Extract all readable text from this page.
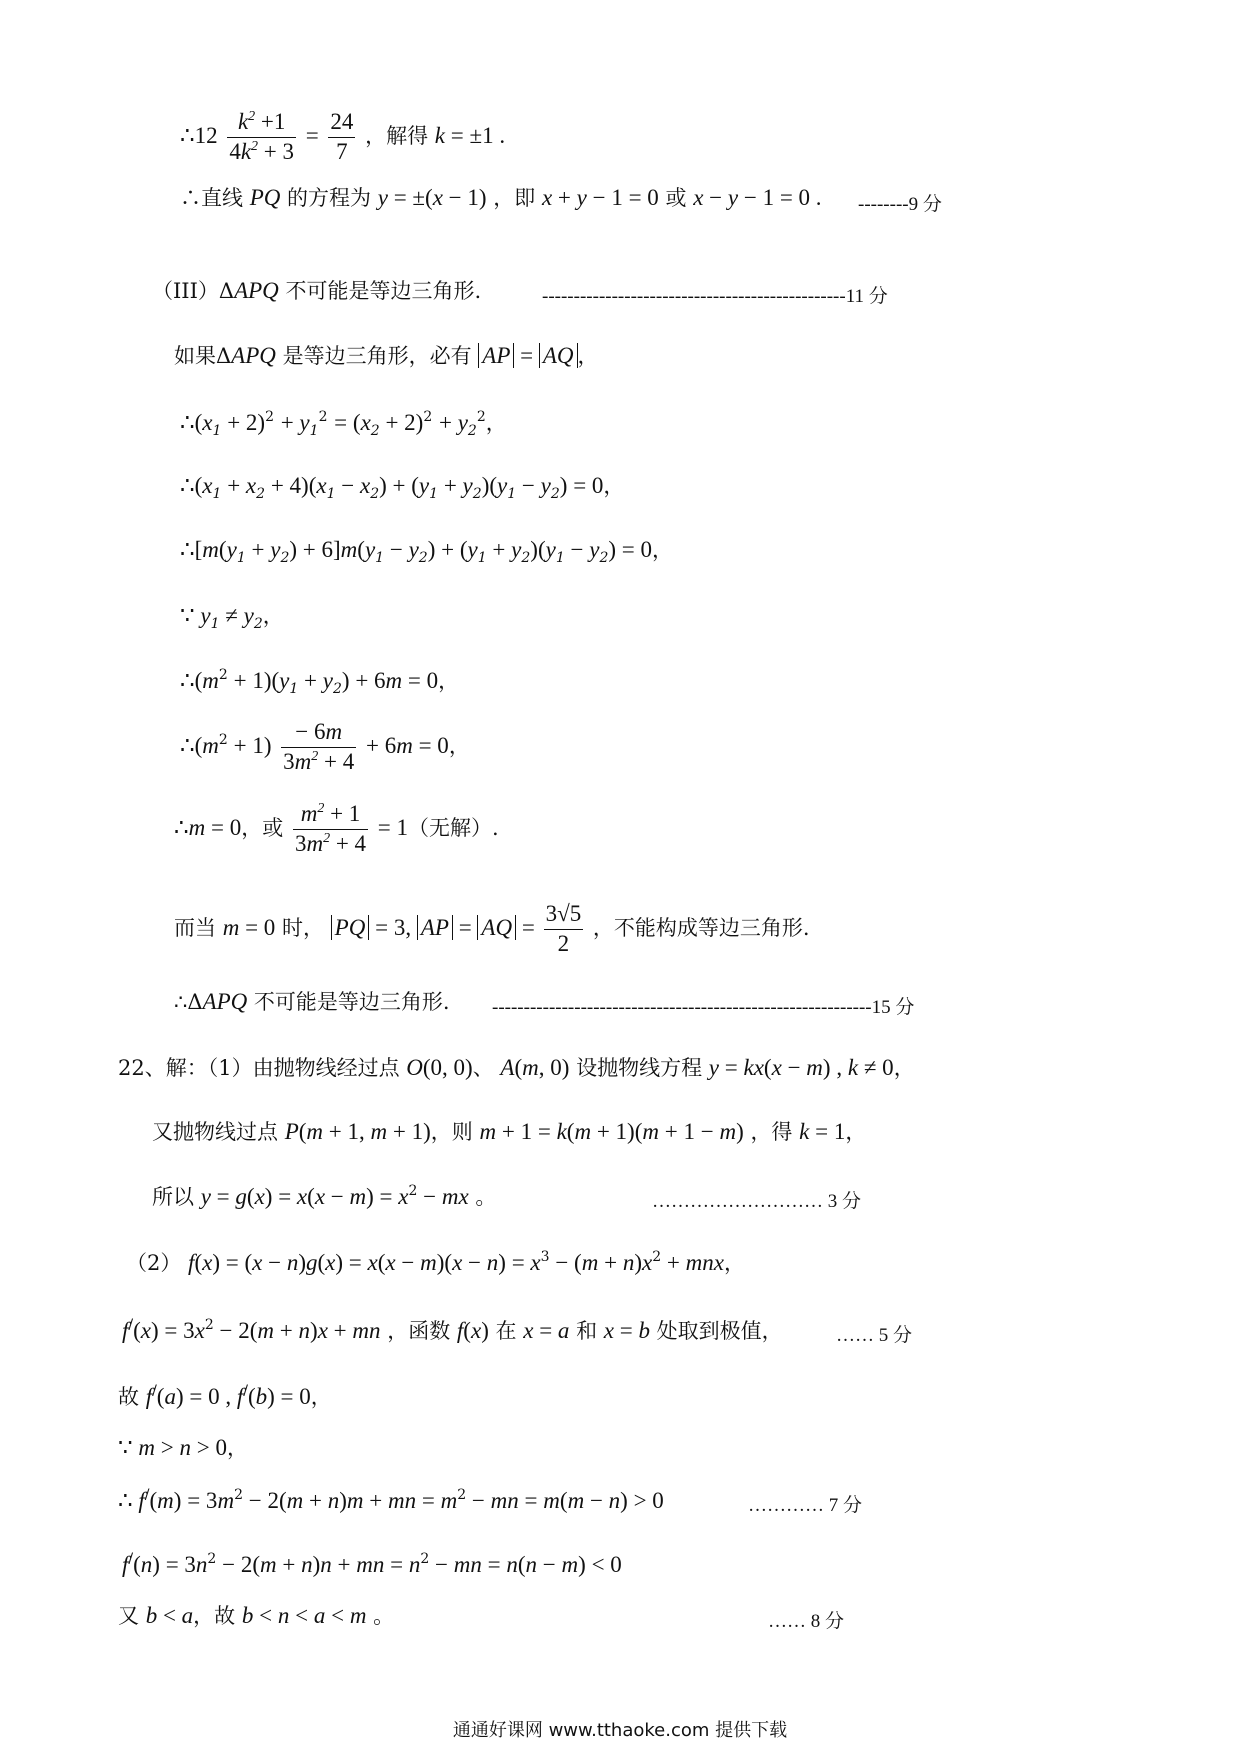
∴12 $\frac{k^2 +1}{4k^2 + 3} = \frac{24}{7}$ ，解得 k = ±1 .
∴直线 PQ 的方程为 y = ±(x − 1) ，即 x + y − 1 = 0 或 x − y − 1 = 0 . --------9 分
（III）ΔAPQ 不可能是等边三角形.	------------------------------------------------11 分
如果ΔAPQ 是等边三角形，必有 AP = AQ ，
$\therefore(x_1 + 2)^2 + y_1^2 = (x_2 + 2)^2 + y_2^2$，
$\therefore(x_1 + x_2 + 4)(x_1 - x_2) + (y_1 + y_2)(y_1 - y_2) = 0$，
$\therefore[m(y_1 + y_2) + 6]m(y_1 - y_2) + (y_1 + y_2)(y_1 - y_2) = 0$，
∵ $y_1 \ne y_2$，
$\therefore(m^2 + 1)(y_1 + y_2) + 6m = 0$，
$\therefore(m^2 + 1) \frac{- 6m}{3m^2 + 4} + 6m = 0$，
∴m = 0，或 $\frac{m^2 + 1}{3m^2 + 4} = 1$（无解）.
而当 m = 0 时， PQ = 3, AP = AQ = $\frac{3√5}{2}$ ，不能构成等边三角形.
∴ΔAPQ 不可能是等边三角形. ------------------------------------------------------------15 分
22、解：（1）由抛物线经过点 O(0, 0)、 A(m, 0) 设抛物线方程 y = kx(x − m) , k ≠ 0，
又抛物线过点 P(m + 1, m + 1)，则 m + 1 = k(m + 1)(m + 1 − m) ，得 k = 1，
所以 $y = g(x) = x(x - m) = x^2$ − mx 。	……………………… 3 分
（2） $f(x) = (x - n)g(x) = x(x - m)(x - n) = x^3 - (m + n)x^2$ + mnx，
$f^/(x) = 3x^2 - 2(m + n)x$ + mn ，函数 f(x) 在 x = a 和 x = b 处取到极值，	…… 5 分
故 f/(a) = 0 , f/(b) = 0，
∵ m > n > 0，
∴ $f^/(m) = 3m^2 - 2(m + n)m$ + mn = $m^2$ − mn = m(m − n) > 0	………… 7 分
$f^/(n) = 3n^2 - 2(m + n)n$ + mn = $n^2$ − mn = n(n − m) < 0
又 b < a，故 b < n < a < m 。	…… 8 分
通通好课网 www.tthaoke.com 提供下载
